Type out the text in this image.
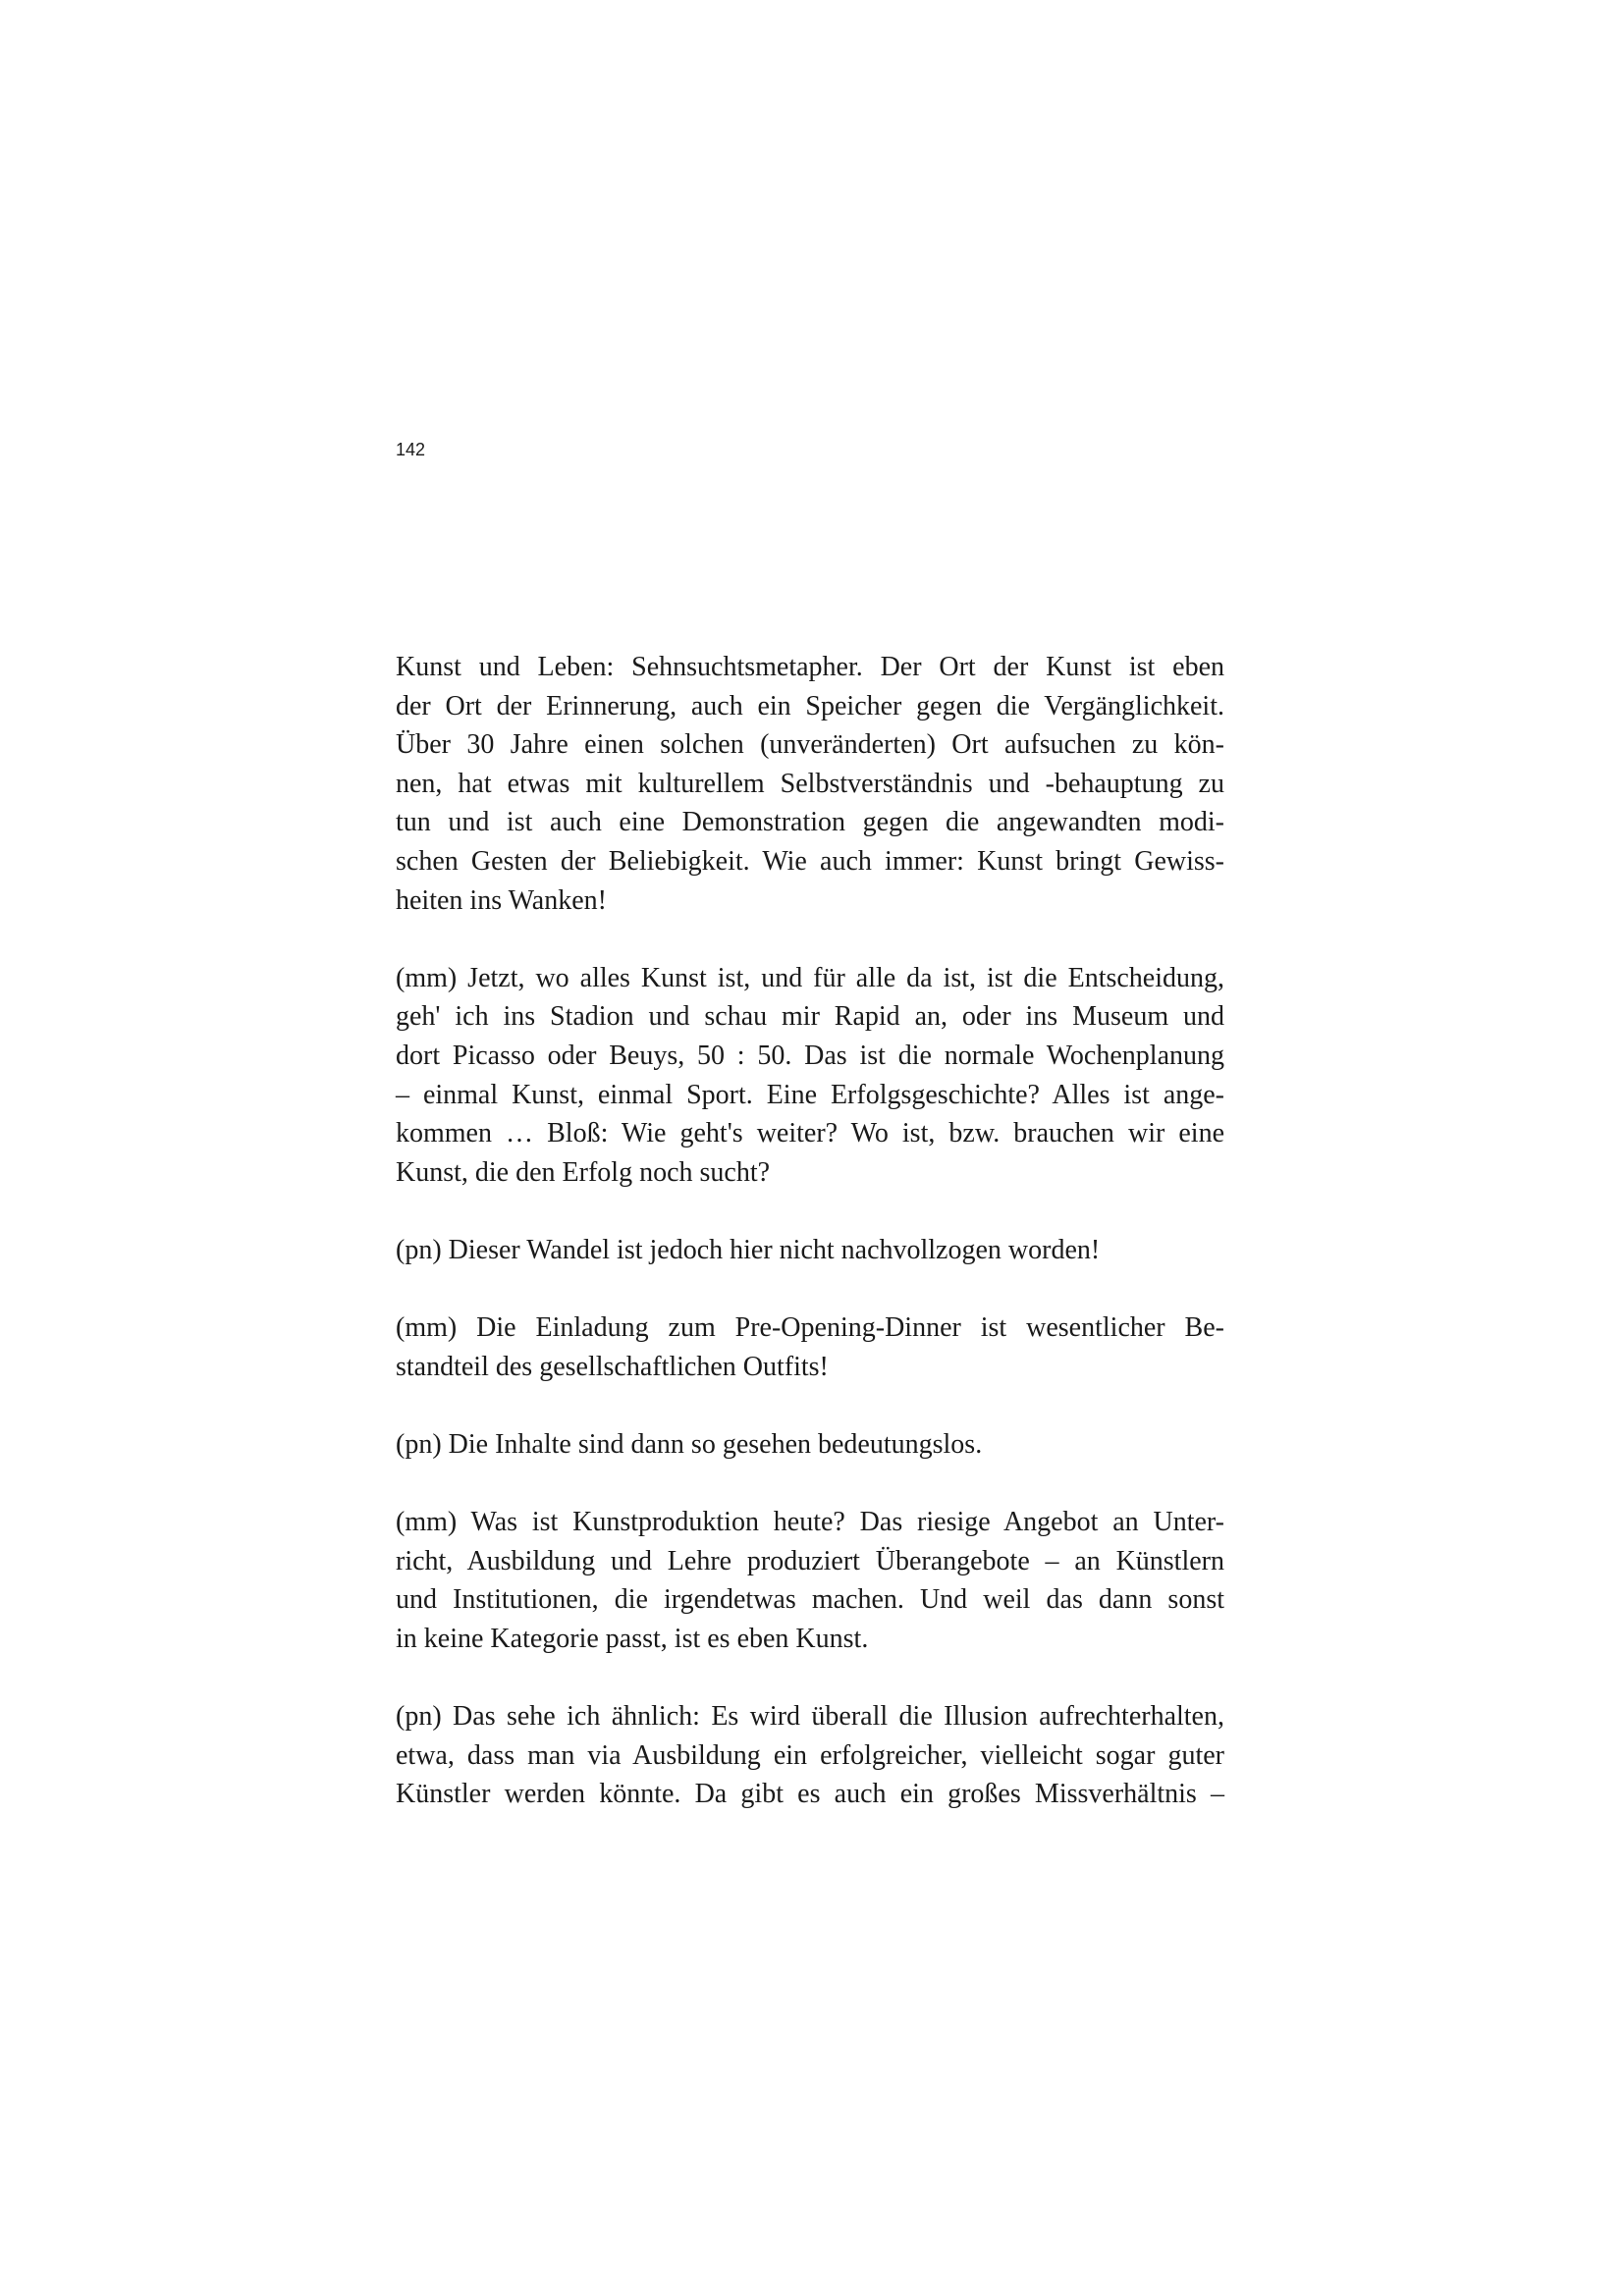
142

Kunst und Leben: Sehnsuchtsmetapher. Der Ort der Kunst ist eben
der Ort der Erinnerung, auch ein Speicher gegen die Vergänglichkeit.
Über 30 Jahre einen solchen (unveränderten) Ort aufsuchen zu kön-
nen, hat etwas mit kulturellem Selbstverständnis und -behauptung zu
tun und ist auch eine Demonstration gegen die angewandten modi-
schen Gesten der Beliebigkeit. Wie auch immer: Kunst bringt Gewiss-
heiten ins Wanken!

(mm) Jetzt, wo alles Kunst ist, und für alle da ist, ist die Entscheidung,
geh' ich ins Stadion und schau mir Rapid an, oder ins Museum und
dort Picasso oder Beuys, 50 : 50. Das ist die normale Wochenplanung
– einmal Kunst, einmal Sport. Eine Erfolgsgeschichte? Alles ist ange-
kommen … Bloß: Wie geht's weiter? Wo ist, bzw. brauchen wir eine
Kunst, die den Erfolg noch sucht?

(pn) Dieser Wandel ist jedoch hier nicht nachvollzogen worden!

(mm) Die Einladung zum Pre-Opening-Dinner ist wesentlicher Be-
standteil des gesellschaftlichen Outfits!

(pn) Die Inhalte sind dann so gesehen bedeutungslos.

(mm) Was ist Kunstproduktion heute? Das riesige Angebot an Unter-
richt, Ausbildung und Lehre produziert Überangebote – an Künstlern
und Institutionen, die irgendetwas machen. Und weil das dann sonst
in keine Kategorie passt, ist es eben Kunst.

(pn) Das sehe ich ähnlich: Es wird überall die Illusion aufrechterhalten,
etwa, dass man via Ausbildung ein erfolgreicher, vielleicht sogar guter
Künstler werden könnte. Da gibt es auch ein großes Missverhältnis –
